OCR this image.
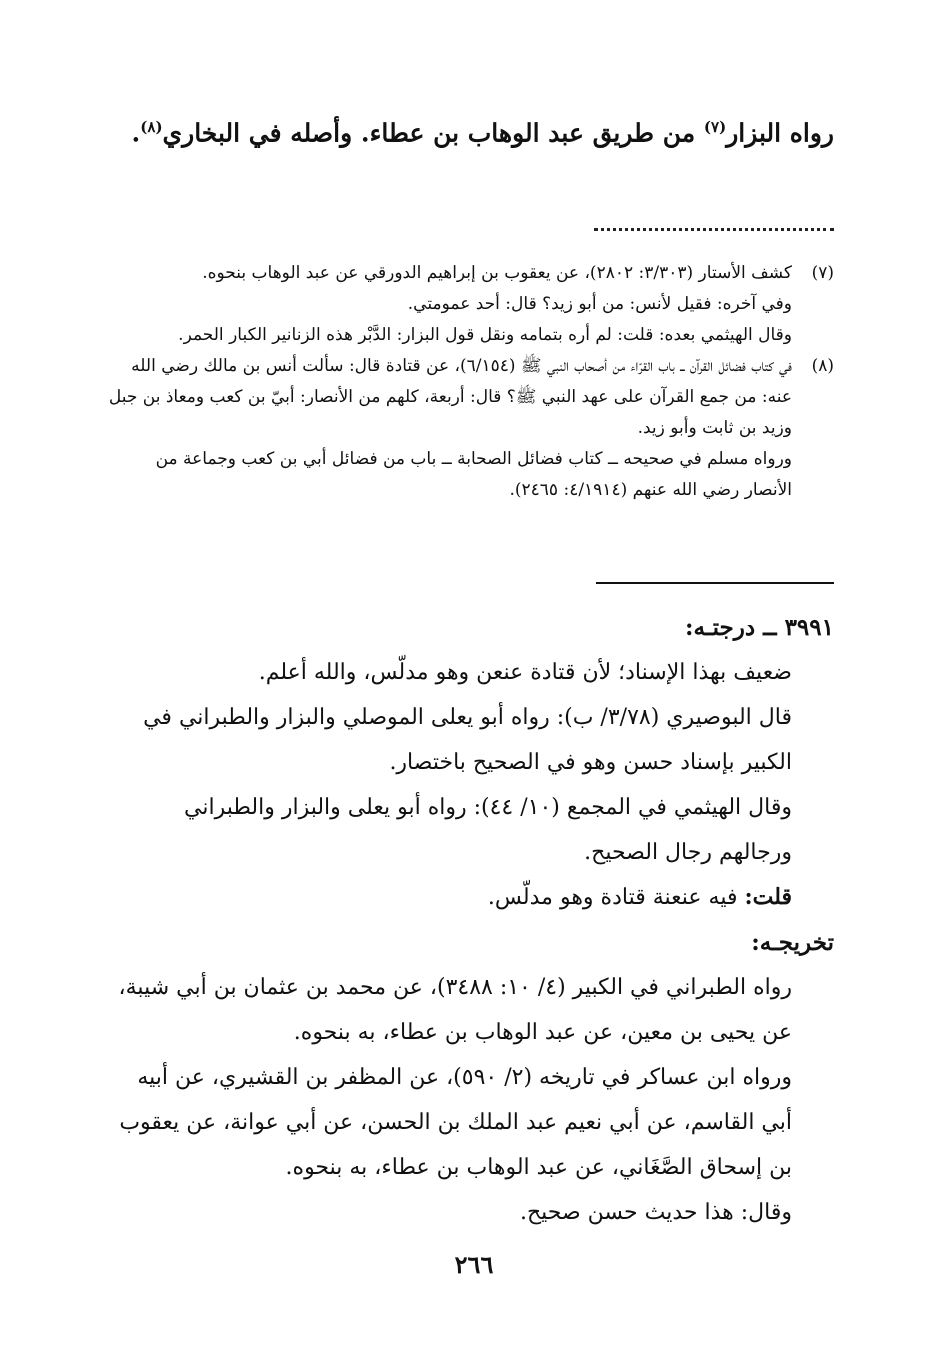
رواه البزار$^{(٧)}$ من طريق عبد الوهاب بن عطاء. وأصله في البخاري$^{(٨)}$.
(٧)

كشف الأستار (٣/٣٠٣: ٢٨٠٢)، عن يعقوب بن إبراهيم الدورقي عن عبد الوهاب بنحوه.

وفي آخره: فقيل لأنس: من أبو زيد؟ قال: أحد عمومتي.

وقال الهيثمي بعده: قلت: لم أره بتمامه ونقل قول البزار: الدَّبْر هذه الزنانير الكبار الحمر.

(٨)

في كتاب فضائل القرآن ــ باب القرّاء من أصحاب النبي ﷺ (٦/١٥٤)، عن قتادة قال: سألت أنس بن مالك رضي الله عنه: من جمع القرآن على عهد النبي ﷺ؟ قال: أربعة، كلهم من الأنصار: أبيّ بن كعب ومعاذ بن جبل وزيد بن ثابت وأبو زيد.

ورواه مسلم في صحيحه ــ كتاب فضائل الصحابة ــ باب من فضائل أبي بن كعب وجماعة من الأنصار رضي الله عنهم (٤/١٩١٤: ٢٤٦٥).

٣٩٩١ ــ درجتـه:

ضعيف بهذا الإسناد؛ لأن قتادة عنعن وهو مدلّس، والله أعلم.

قال البوصيري (٣/٧٨/ ب): رواه أبو يعلى الموصلي والبزار والطبراني في الكبير بإسناد حسن وهو في الصحيح باختصار.

وقال الهيثمي في المجمع (١٠/ ٤٤): رواه أبو يعلى والبزار والطبراني ورجالهم رجال الصحيح.

قلت: فيه عنعنة قتادة وهو مدلّس.

تخريجـه:

رواه الطبراني في الكبير (٤/ ١٠: ٣٤٨٨)، عن محمد بن عثمان بن أبي شيبة، عن يحيى بن معين، عن عبد الوهاب بن عطاء، به بنحوه.

ورواه ابن عساكر في تاريخه (٢/ ٥٩٠)، عن المظفر بن القشيري، عن أبيه أبي القاسم، عن أبي نعيم عبد الملك بن الحسن، عن أبي عوانة، عن يعقوب بن إسحاق الصَّغَاني، عن عبد الوهاب بن عطاء، به بنحوه.

وقال: هذا حديث حسن صحيح.

٢٦٦
